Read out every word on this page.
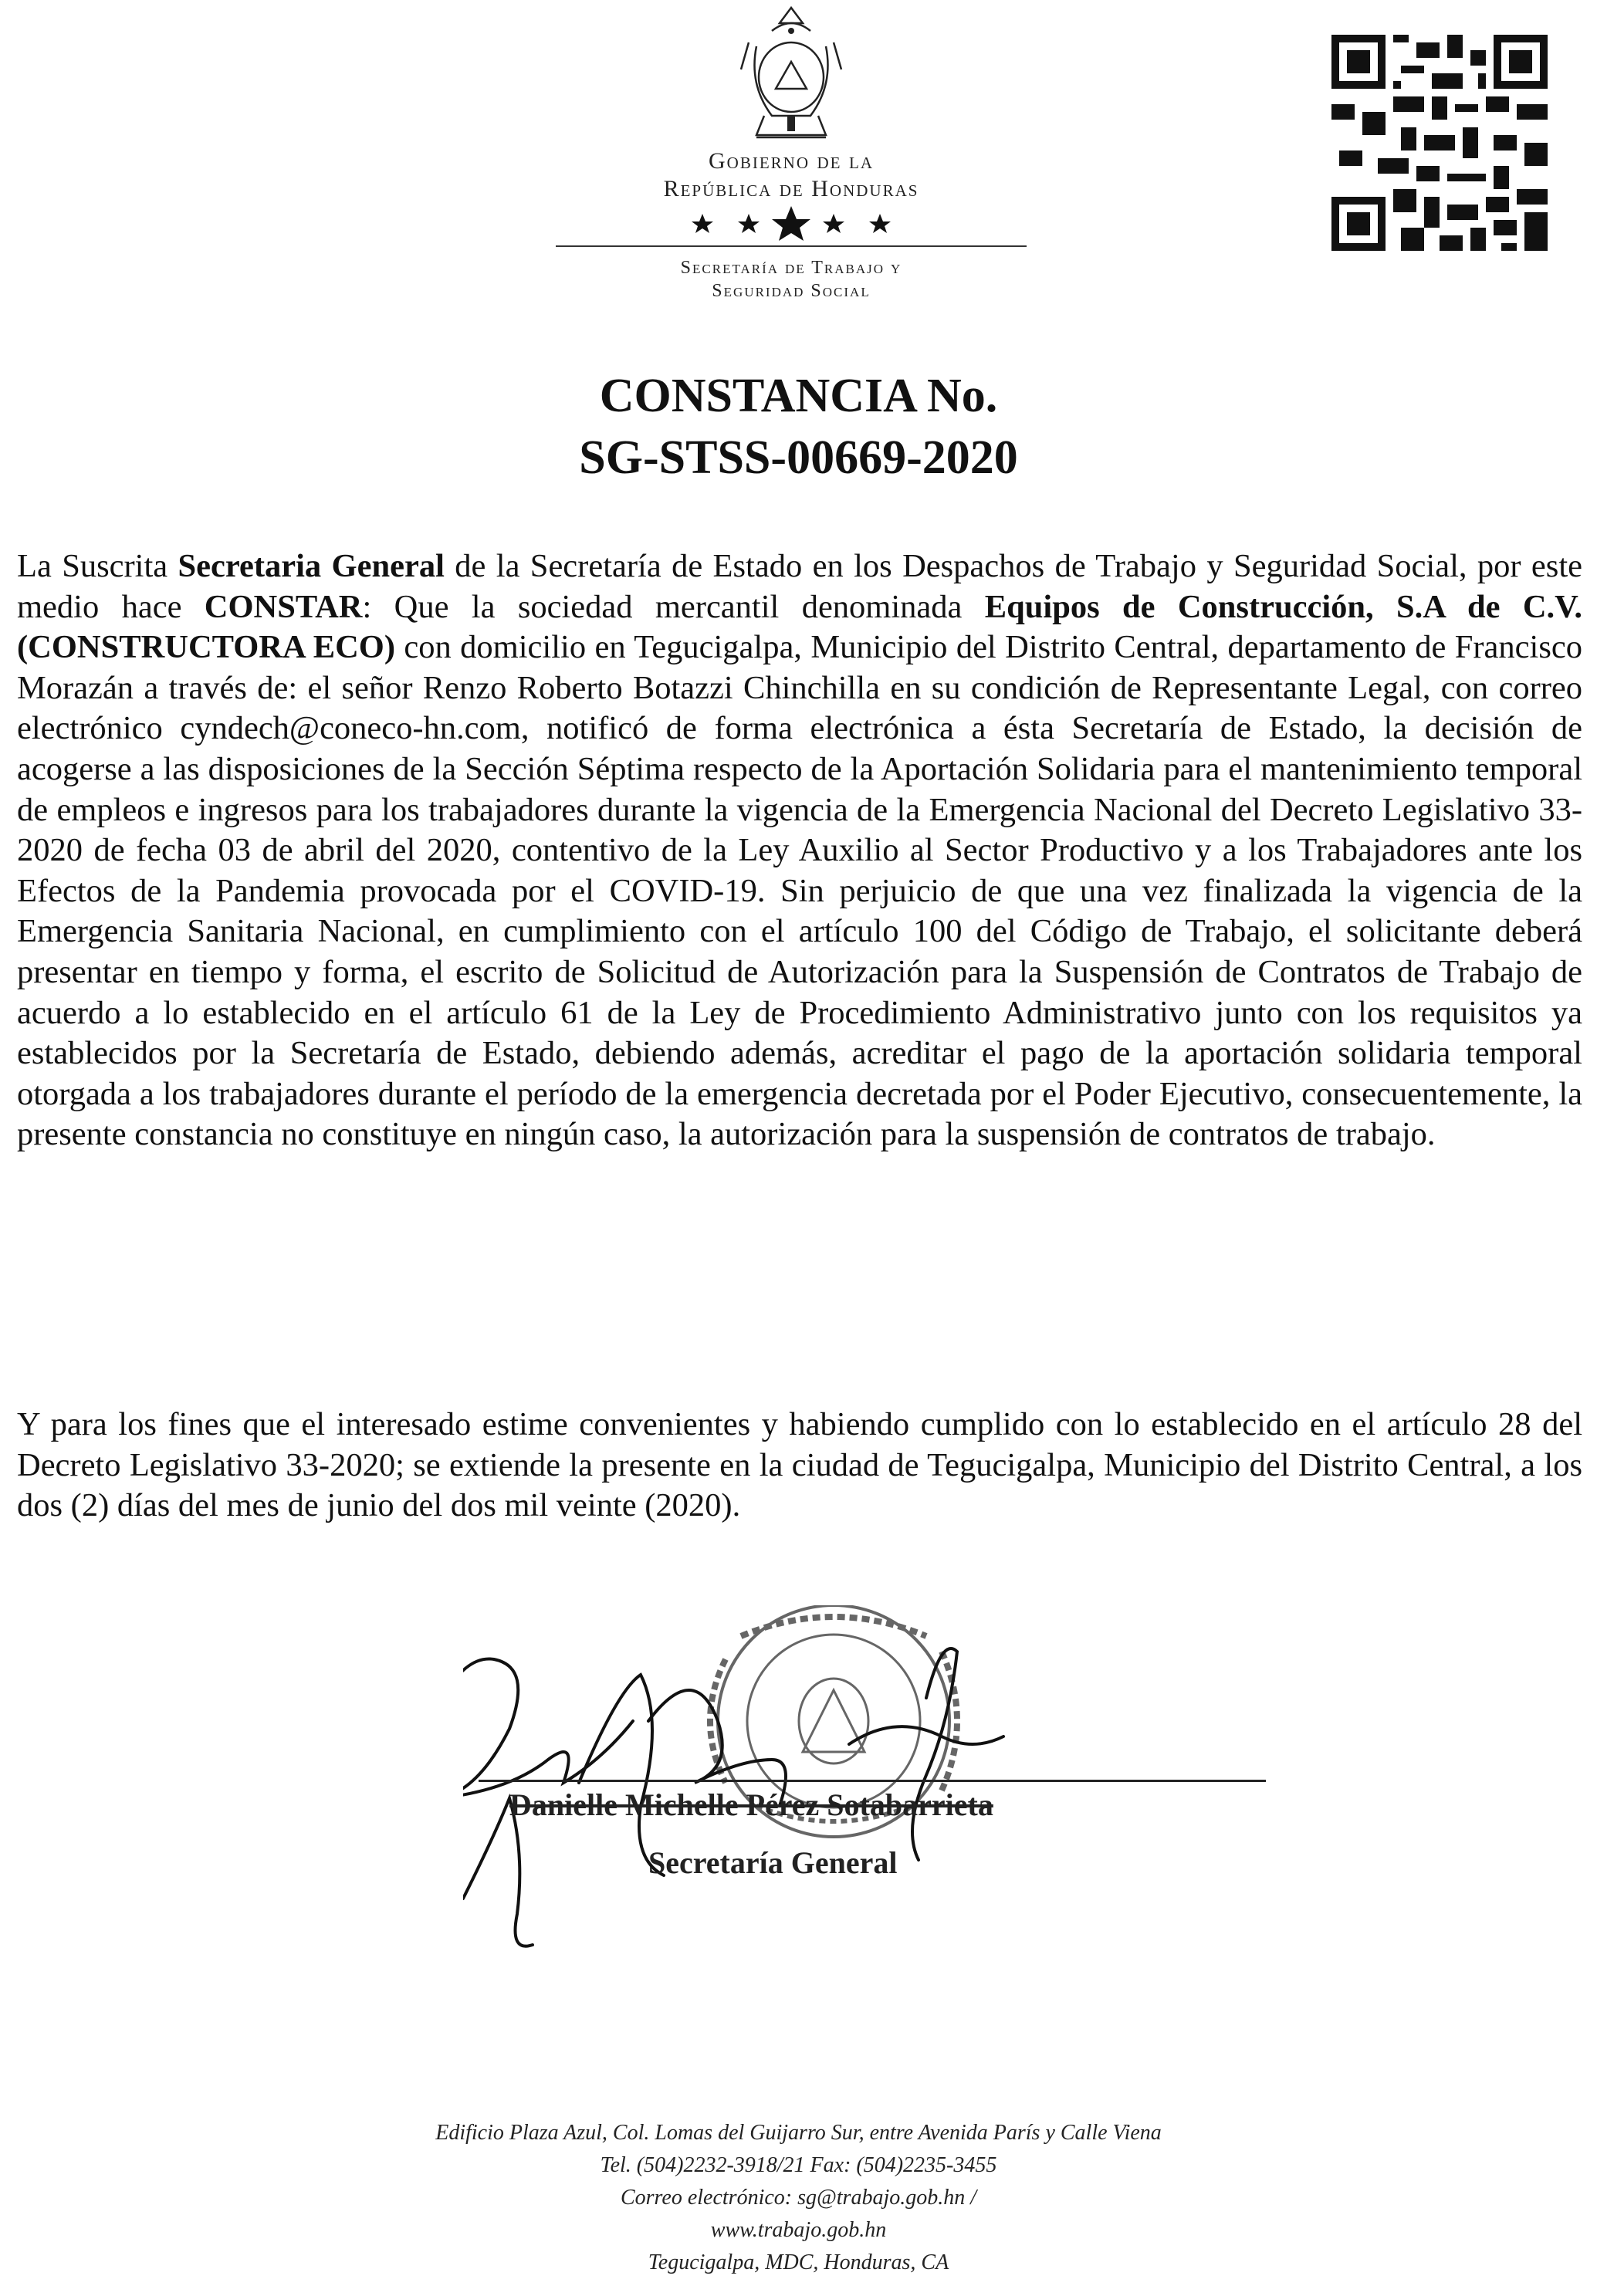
Gobierno de la
República de Honduras
Secretaría de Trabajo y
Seguridad Social
CONSTANCIA No.
SG-STSS-00669-2020
La Suscrita Secretaria General de la Secretaría de Estado en los Despachos de Trabajo y Seguridad Social, por este medio hace CONSTAR: Que la sociedad mercantil denominada Equipos de Construcción, S.A de C.V. (CONSTRUCTORA ECO) con domicilio en Tegucigalpa, Municipio del Distrito Central, departamento de Francisco Morazán a través de: el señor Renzo Roberto Botazzi Chinchilla en su condición de Representante Legal, con correo electrónico cyndech@coneco-hn.com, notificó de forma electrónica a ésta Secretaría de Estado, la decisión de acogerse a las disposiciones de la Sección Séptima respecto de la Aportación Solidaria para el mantenimiento temporal de empleos e ingresos para los trabajadores durante la vigencia de la Emergencia Nacional del Decreto Legislativo 33-2020 de fecha 03 de abril del 2020, contentivo de la Ley Auxilio al Sector Productivo y a los Trabajadores ante los Efectos de la Pandemia provocada por el COVID-19. Sin perjuicio de que una vez finalizada la vigencia de la Emergencia Sanitaria Nacional, en cumplimiento con el artículo 100 del Código de Trabajo, el solicitante deberá presentar en tiempo y forma, el escrito de Solicitud de Autorización para la Suspensión de Contratos de Trabajo de acuerdo a lo establecido en el artículo 61 de la Ley de Procedimiento Administrativo junto con los requisitos ya establecidos por la Secretaría de Estado, debiendo además, acreditar el pago de la aportación solidaria temporal otorgada a los trabajadores durante el período de la emergencia decretada por el Poder Ejecutivo, consecuentemente, la presente constancia no constituye en ningún caso, la autorización para la suspensión de contratos de trabajo.
Y para los fines que el interesado estime convenientes y habiendo cumplido con lo establecido en el artículo 28 del Decreto Legislativo 33-2020; se extiende la presente en la ciudad de Tegucigalpa, Municipio del Distrito Central, a los dos (2) días del mes de junio del dos mil veinte (2020).
Danielle Michelle Pérez Sotabarrieta
Secretaría General
Edificio Plaza Azul, Col. Lomas del Guijarro Sur, entre Avenida París y Calle Viena
Tel. (504)2232-3918/21 Fax: (504)2235-3455
Correo electrónico: sg@trabajo.gob.hn /
www.trabajo.gob.hn
Tegucigalpa, MDC, Honduras, CA
